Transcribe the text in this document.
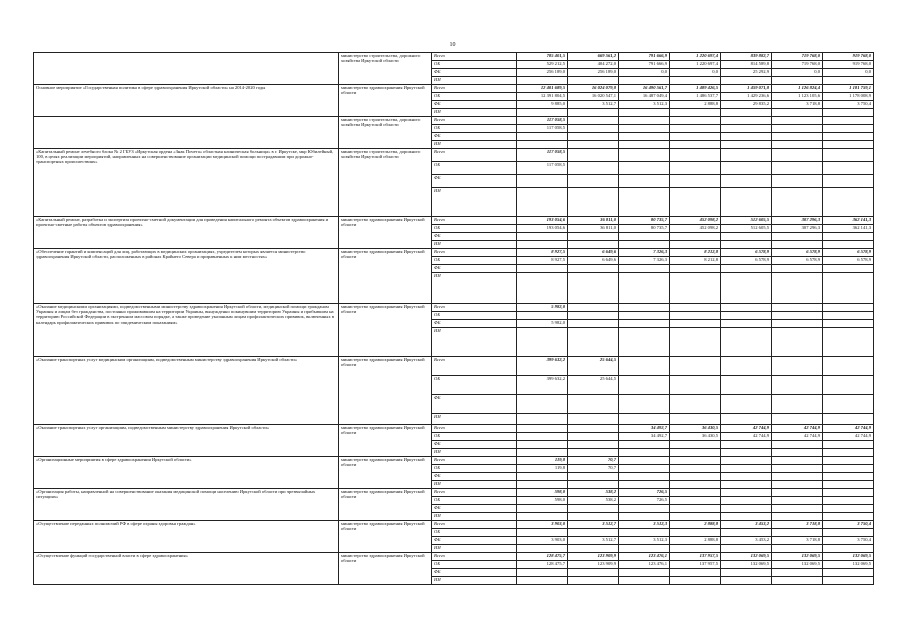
10
	министерство строительства, дорожного хозяйства Иркутской области	Всего	785 401,5	669 561,2	791 666,9	1 220 697,4	839 882,7	719 768,0	919 768,0
		ОБ	529 212,5	404 272,0	791 666,9	1 220 697,4	814 589,8	719 768,0	919 768,0
		ФБ	256 189,0	256 189,0	0,0	0,0	25 292,9	0,0	0,0
		ИИ							
Основное мероприятие «Государственная политика в сфере здравоохранения Иркутской области» на 2014-2020 годы	министерство здравоохранения Иркутской области	Всего	12 401 689,5	16 024 079,8	16 490 561,7	1 489 426,5	1 459 071,8	1 126 824,4	1 181 759,1
		ОБ	12 391 804,5	16 020 547,1	16 487 049,4	1 486 537,7	1 429 236,6	1 123 105,6	1 178 008,9
		ФБ	9 885,0	3 512,7	3 512,3	2 888,8	29 835,2	3 718,8	3 750,4
		ИИ							
	министерство строительства, дорожного хозяйства Иркутской области	Всего	117 058,5						
		ОБ	117 058,5						
		ФБ							
		ИИ							
«Капитальный ремонт лечебного блока № 2 ГБУЗ «Иркутская ордена «Знак Почета» областная клиническая больница» в г. Иркутске, мкр Юбилейный, 100, в целях реализации мероприятий, направленных на совершенствование организации медицинской помощи пострадавшим при дорожно-транспортных происшествиях»	министерство строительства, дорожного хозяйства Иркутской области	Всего	117 058,5						
		ОБ	117 058,5						
		ФБ							
		ИИ							
«Капитальный ремонт, разработка и экспертиза проектно-сметной документации для проведения капитального ремонта объектов здравоохранения и проектно-сметные работы объектов здравоохранения»	министерство здравоохранения Иркутской области	Всего	193 054,6	36 811,0	80 735,7	452 098,2	512 605,5	307 296,3	362 141,3
		ОБ	193 054,6	36 811,0	80 735,7	452 098,2	512 605,5	307 296,3	362 141,3
		ФБ							
		ИИ							
«Обеспечение гарантий и компенсаций для лиц, работающих в медицинских организациях, учредителем которых является министерство здравоохранения Иркутской области, расположенных в районах Крайнего Севера и приравненных к ним местностях»	министерство здравоохранения Иркутской области	Всего	8 927,5	6 649,6	7 326,3	8 212,8	6 578,9	6 578,9	6 578,9
		ОБ	8 927,5	6 649,6	7 326,3	8 212,8	6 578,9	6 578,9	6 578,9
		ФБ							
		ИИ							
«Оказание медицинскими организациями, подведомственными министерству здравоохранения Иркутской области, медицинской помощи гражданам Украины и лицам без гражданства, постоянно проживавшим на территории Украины, вынужденно покинувшим территорию Украины и прибывшим на территорию Российской Федерации в экстренном массовом порядке, а также проведение указанным лицам профилактических прививок, включенных в календарь профилактических прививок по эпидемическим показаниям»	министерство здравоохранения Иркутской области	Всего	5 982,0						
		ОБ							
		ФБ	5 982,0						
		ИИ							
«Оказание транспортных услуг медицинским организациям, подведомственным министерству здравоохранения Иркутской области»	министерство здравоохранения Иркутской области	Всего	399 632,2	25 644,5					
		ОБ	399 632,2	25 644,5					
		ФБ							
		ИИ							
«Оказание транспортных услуг организациям, подведомственным министерству здравоохранения Иркутской области»	министерство здравоохранения Иркутской области	Всего			34 492,7	36 430,5	42 744,9	42 744,9	42 744,9
		ОБ			34 492,7	36 430,5	42 744,9	42 744,9	42 744,9
		ФБ							
		ИИ							
«Организационные мероприятия в сфере здравоохранения Иркутской области»	министерство здравоохранения Иркутской области	Всего	119,8	70,7					
		ОБ	119,8	70,7					
		ФБ							
		ИИ							
«Организация работы, направленной на совершенствование оказания медицинской помощи населению Иркутской области при чрезвычайных ситуациях»	министерство здравоохранения Иркутской области	Всего	598,0	538,2	726,5				
		ОБ	598,0	538,2	726,5				
		ФБ							
		ИИ							
«Осуществление переданных полномочий РФ в сфере охраны здоровья граждан»	министерство здравоохранения Иркутской области	Всего	3 903,0	3 512,7	3 512,3	2 888,8	3 453,2	3 718,8	3 750,4
		ОБ							
		ФБ	3 903,0	3 512,7	3 512,3	2 888,8	3 453,2	3 718,8	3 750,4
		ИИ							
«Осуществление функций государственной власти в сфере здравоохранения»	министерство здравоохранения Иркутской области	Всего	128 475,7	123 909,9	123 476,1	137 957,5	132 069,5	132 069,5	132 069,5
		ОБ	128 475,7	123 909,9	123 476,1	137 957,5	132 069,5	132 069,5	132 069,5
		ФБ							
		ИИ							
